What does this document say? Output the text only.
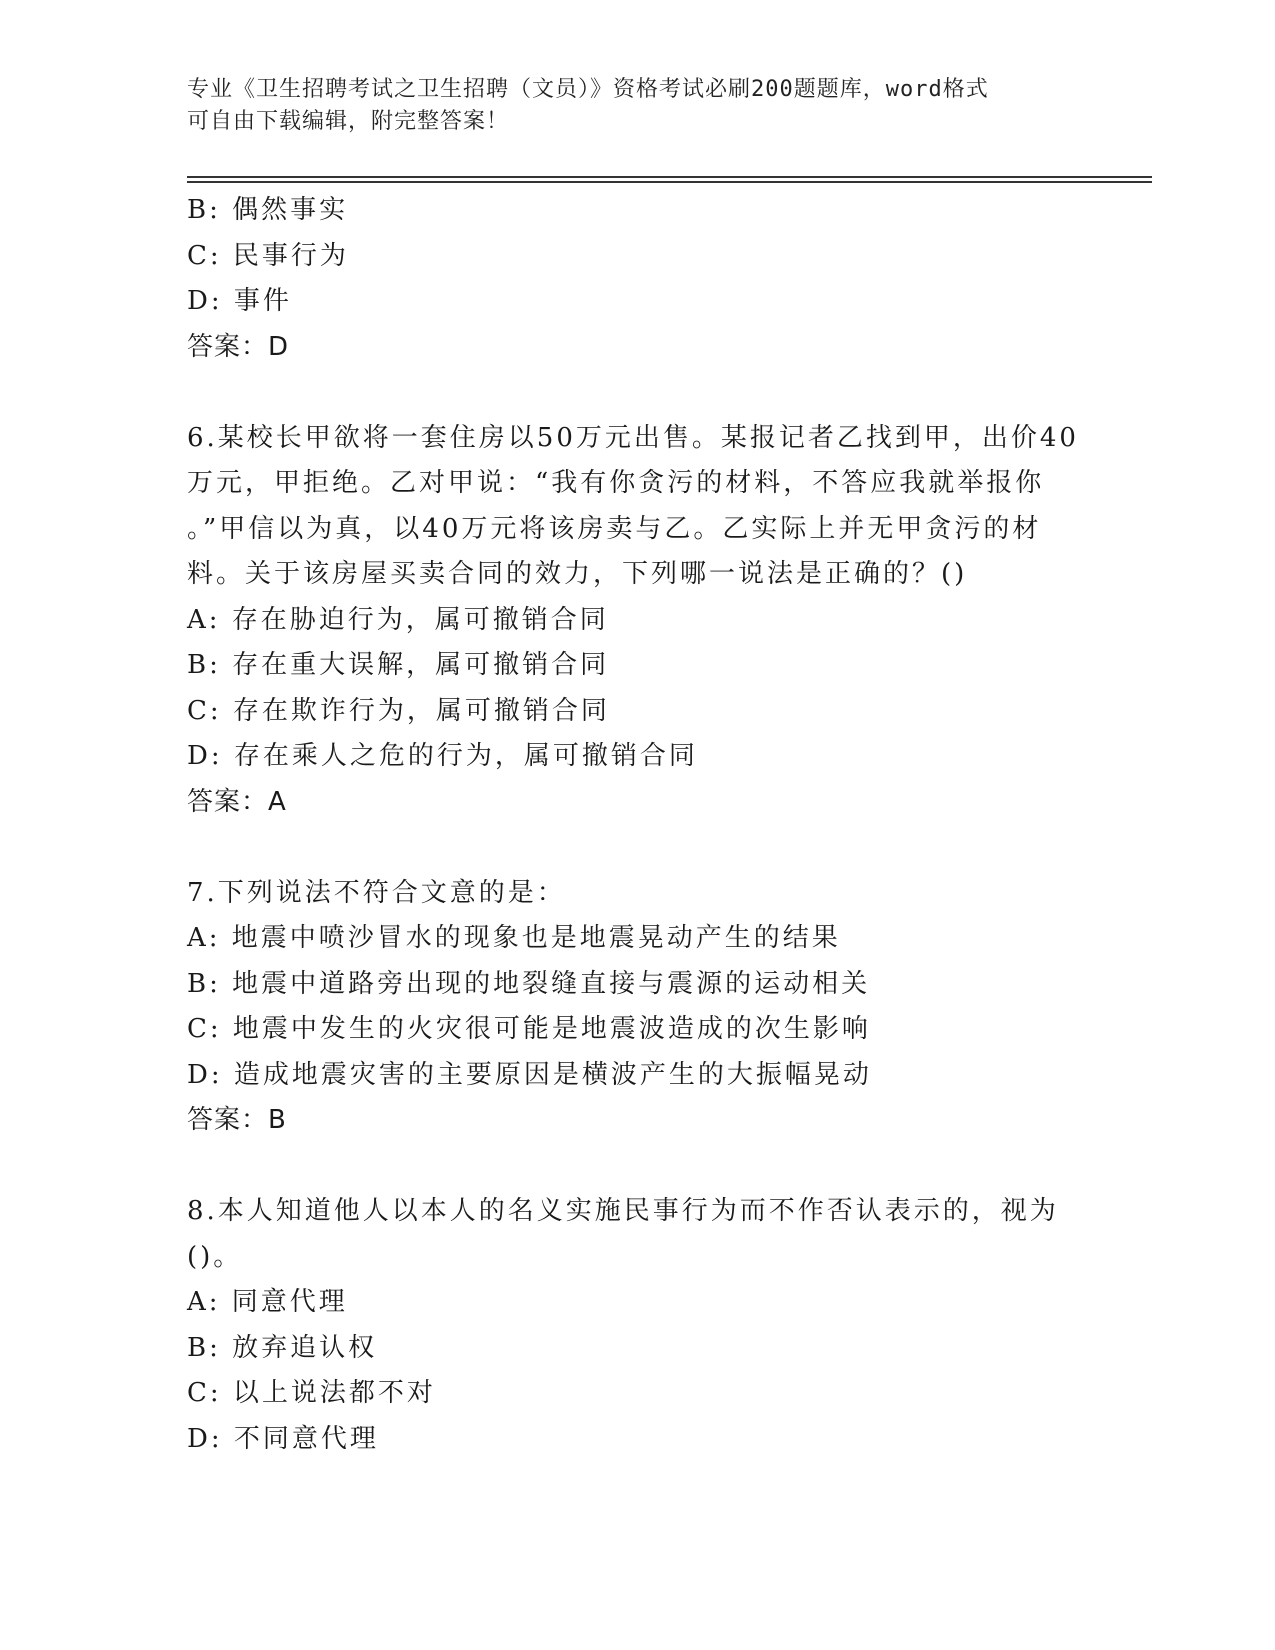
专业《卫生招聘考试之卫生招聘（文员）》资格考试必刷200题题库，word格式
可自由下载编辑，附完整答案！
B: 偶然事实
C: 民事行为
D: 事件
答案：D
6.某校长甲欲将一套住房以50万元出售。某报记者乙找到甲，出价40
万元，甲拒绝。乙对甲说：“我有你贪污的材料，不答应我就举报你
。”甲信以为真，以40万元将该房卖与乙。乙实际上并无甲贪污的材
料。关于该房屋买卖合同的效力，下列哪一说法是正确的？()
A: 存在胁迫行为，属可撤销合同
B: 存在重大误解，属可撤销合同
C: 存在欺诈行为，属可撤销合同
D: 存在乘人之危的行为，属可撤销合同
答案：A
7.下列说法不符合文意的是：
A: 地震中喷沙冒水的现象也是地震晃动产生的结果
B: 地震中道路旁出现的地裂缝直接与震源的运动相关
C: 地震中发生的火灾很可能是地震波造成的次生影响
D: 造成地震灾害的主要原因是横波产生的大振幅晃动
答案：B
8.本人知道他人以本人的名义实施民事行为而不作否认表示的，视为
()。
A: 同意代理
B: 放弃追认权
C: 以上说法都不对
D: 不同意代理
